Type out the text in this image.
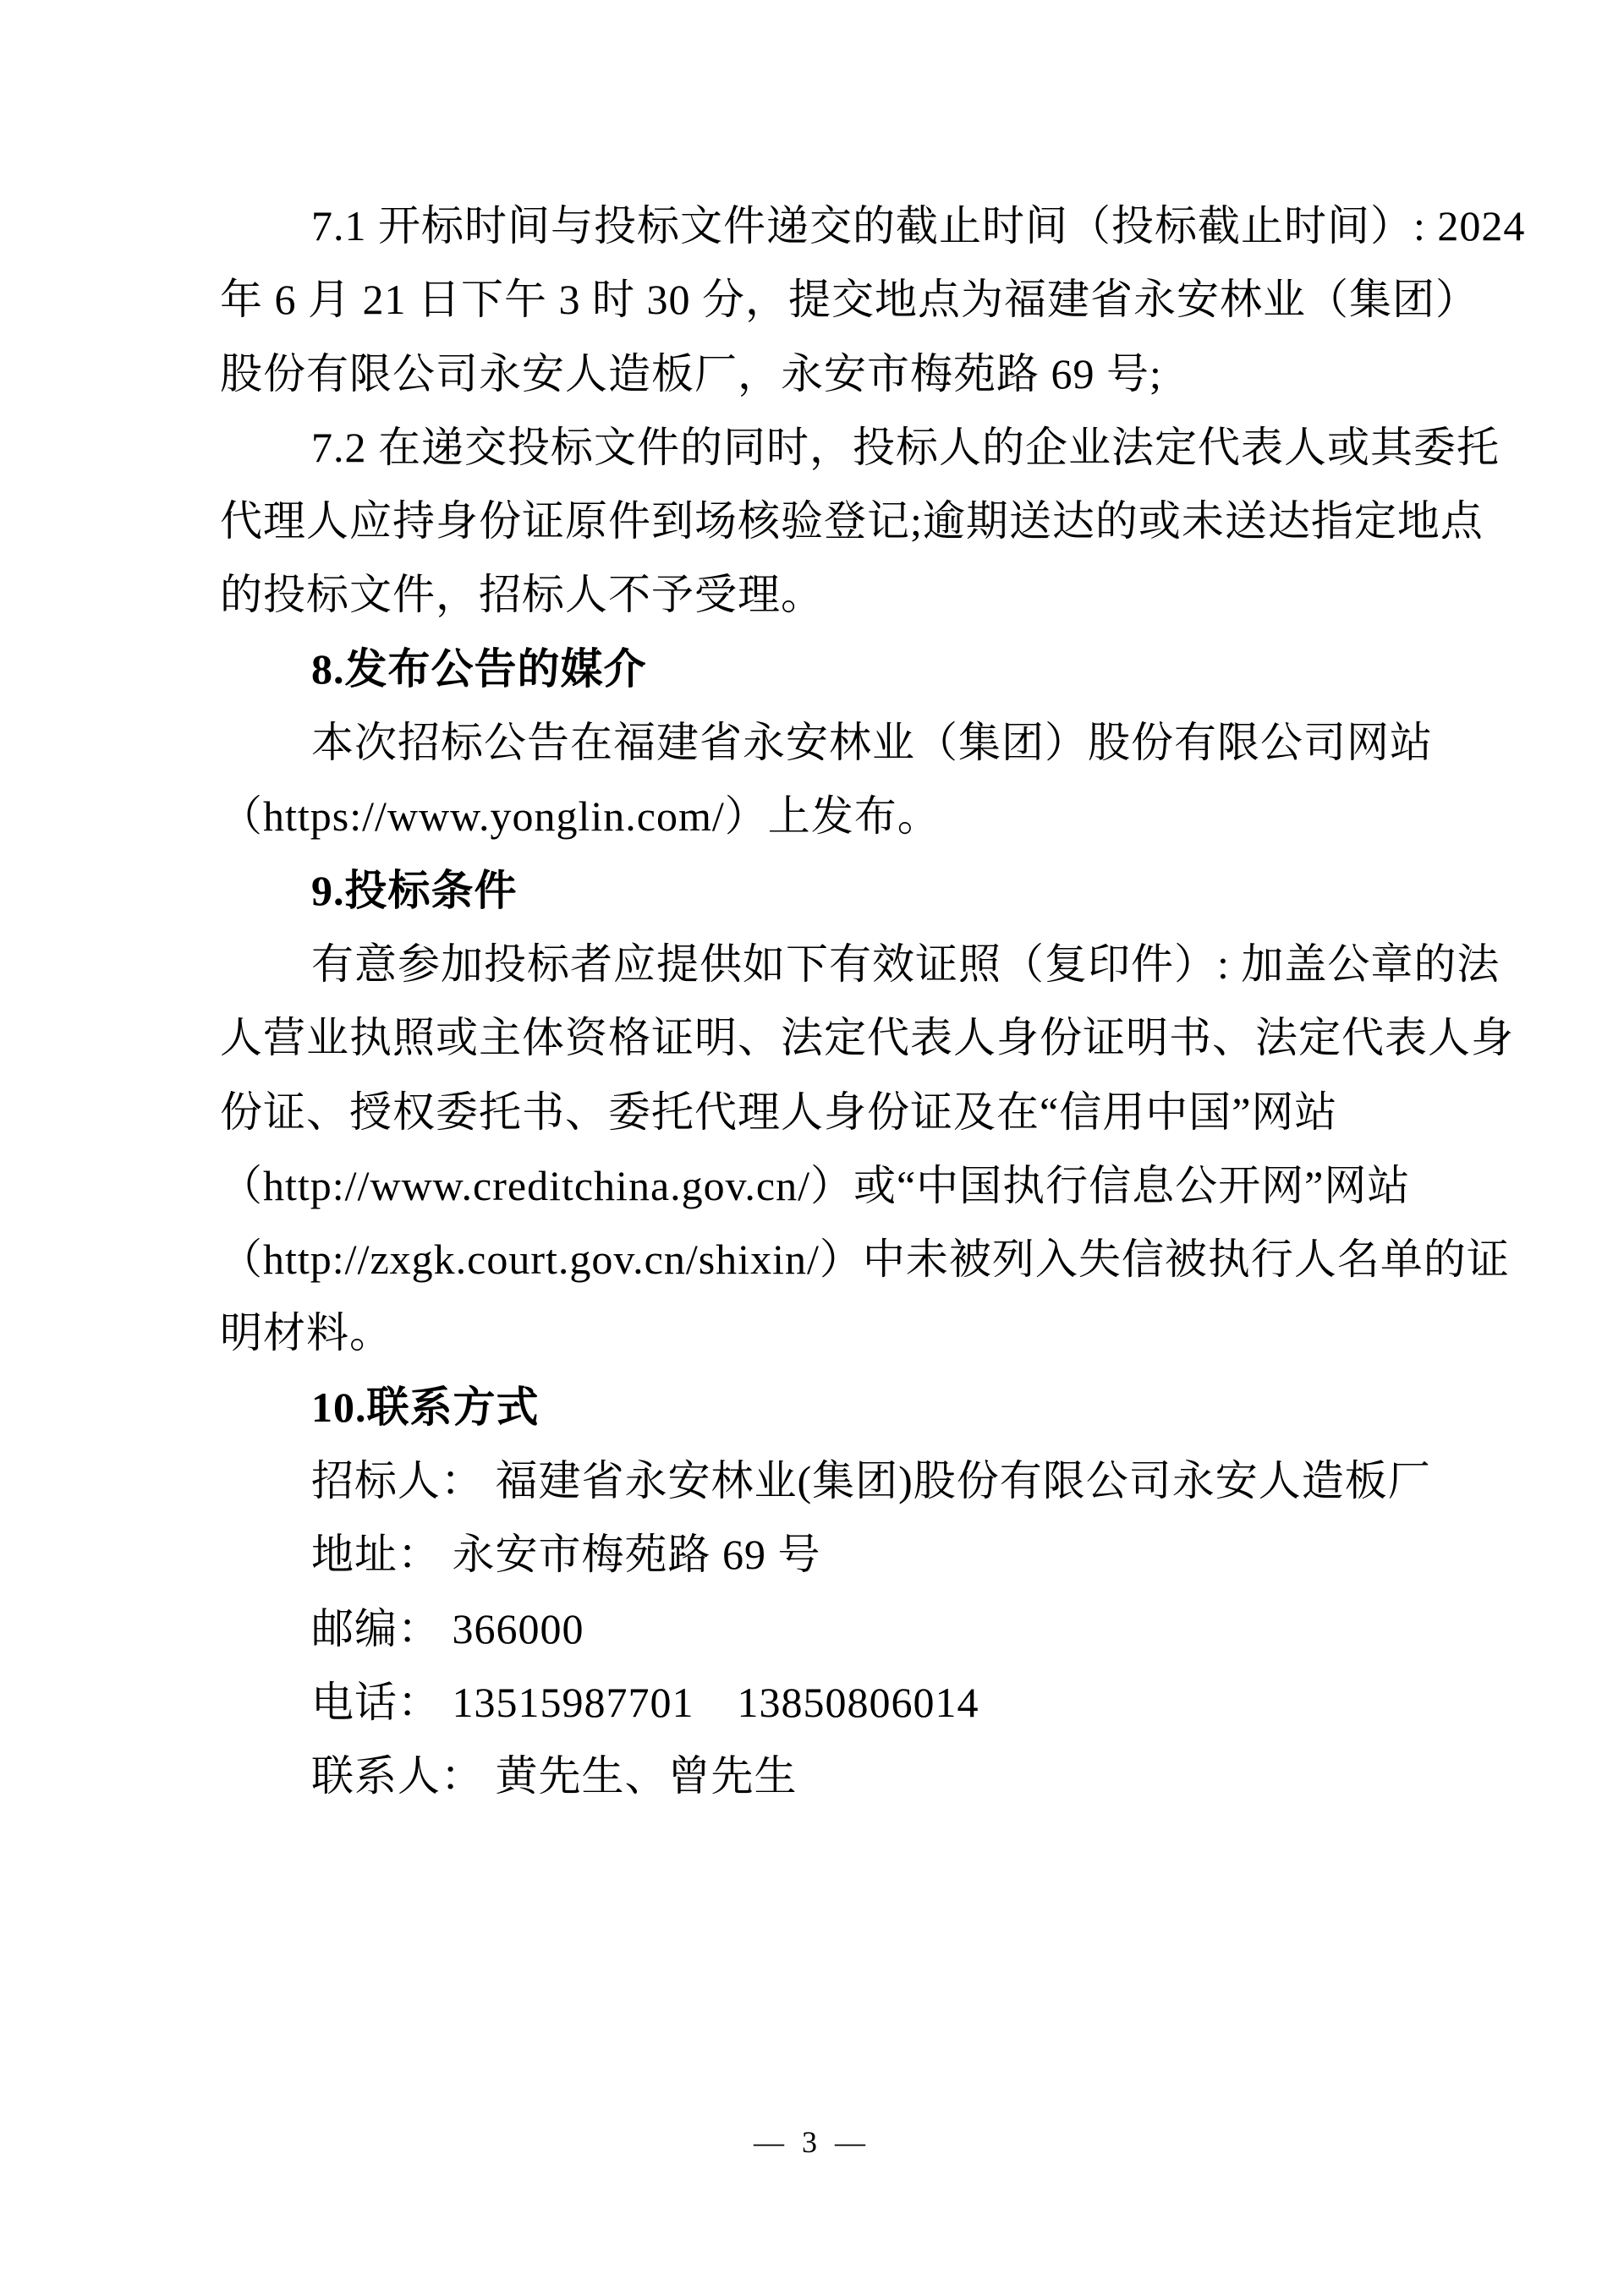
7.1 开标时间与投标文件递交的截止时间（投标截止时间）: 2024
年 6 月 21 日下午 3 时 30 分，提交地点为福建省永安林业（集团）
股份有限公司永安人造板厂，永安市梅苑路 69 号;
7.2 在递交投标文件的同时，投标人的企业法定代表人或其委托
代理人应持身份证原件到场核验登记;逾期送达的或未送达指定地点
的投标文件，招标人不予受理。
8.发布公告的媒介
本次招标公告在福建省永安林业（集团）股份有限公司网站
（https://www.yonglin.com/）上发布。
9.投标条件
有意参加投标者应提供如下有效证照（复印件）: 加盖公章的法
人营业执照或主体资格证明、法定代表人身份证明书、法定代表人身
份证、授权委托书、委托代理人身份证及在“信用中国”网站
（http://www.creditchina.gov.cn/）或“中国执行信息公开网”网站
（http://zxgk.court.gov.cn/shixin/）中未被列入失信被执行人名单的证
明材料。
10.联系方式
招标人： 福建省永安林业(集团)股份有限公司永安人造板厂
地址： 永安市梅苑路 69 号
邮编： 366000
电话： 13515987701　13850806014
联系人： 黄先生、曾先生
— 3 —
